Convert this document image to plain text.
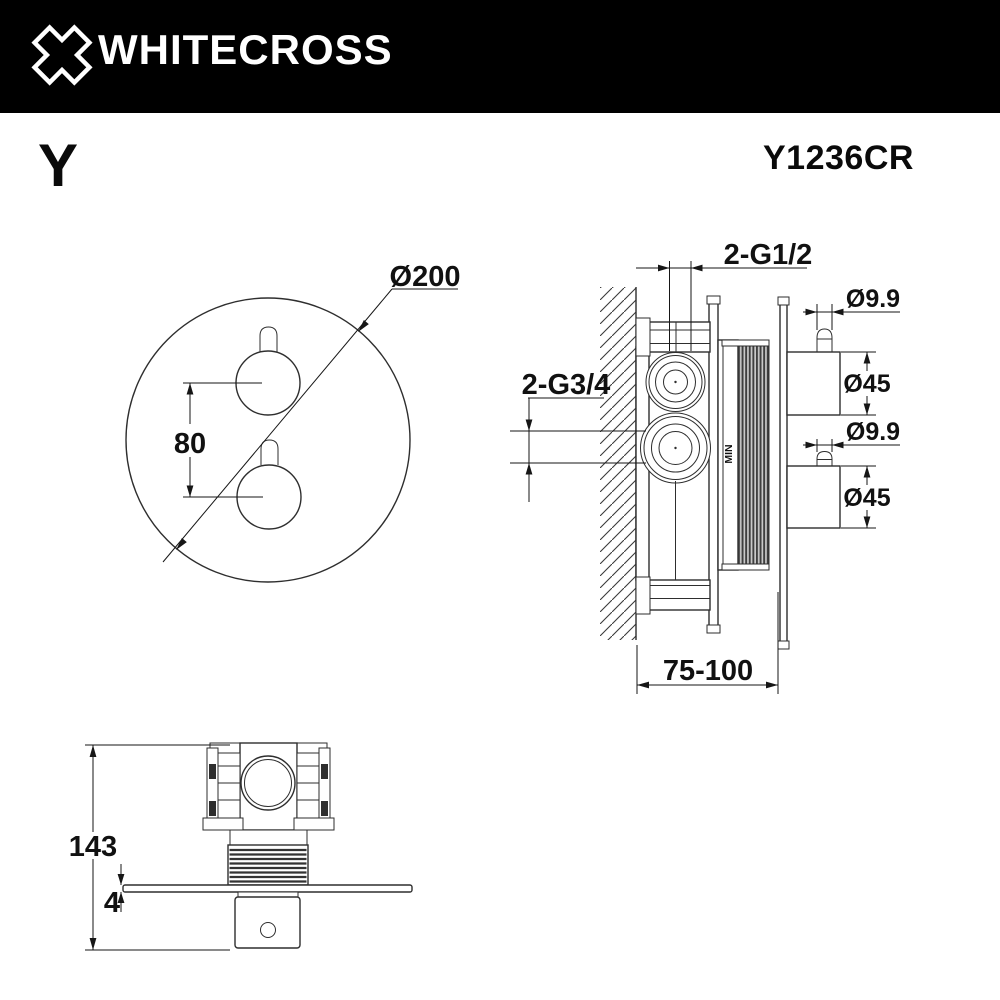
Ø200
80	MIN
2-G1/2
2-G3/4
Ø9.9
Ø45
Ø9.9
Ø45
75-100
143
4
WHITECROSS
Y	Y1236CR
